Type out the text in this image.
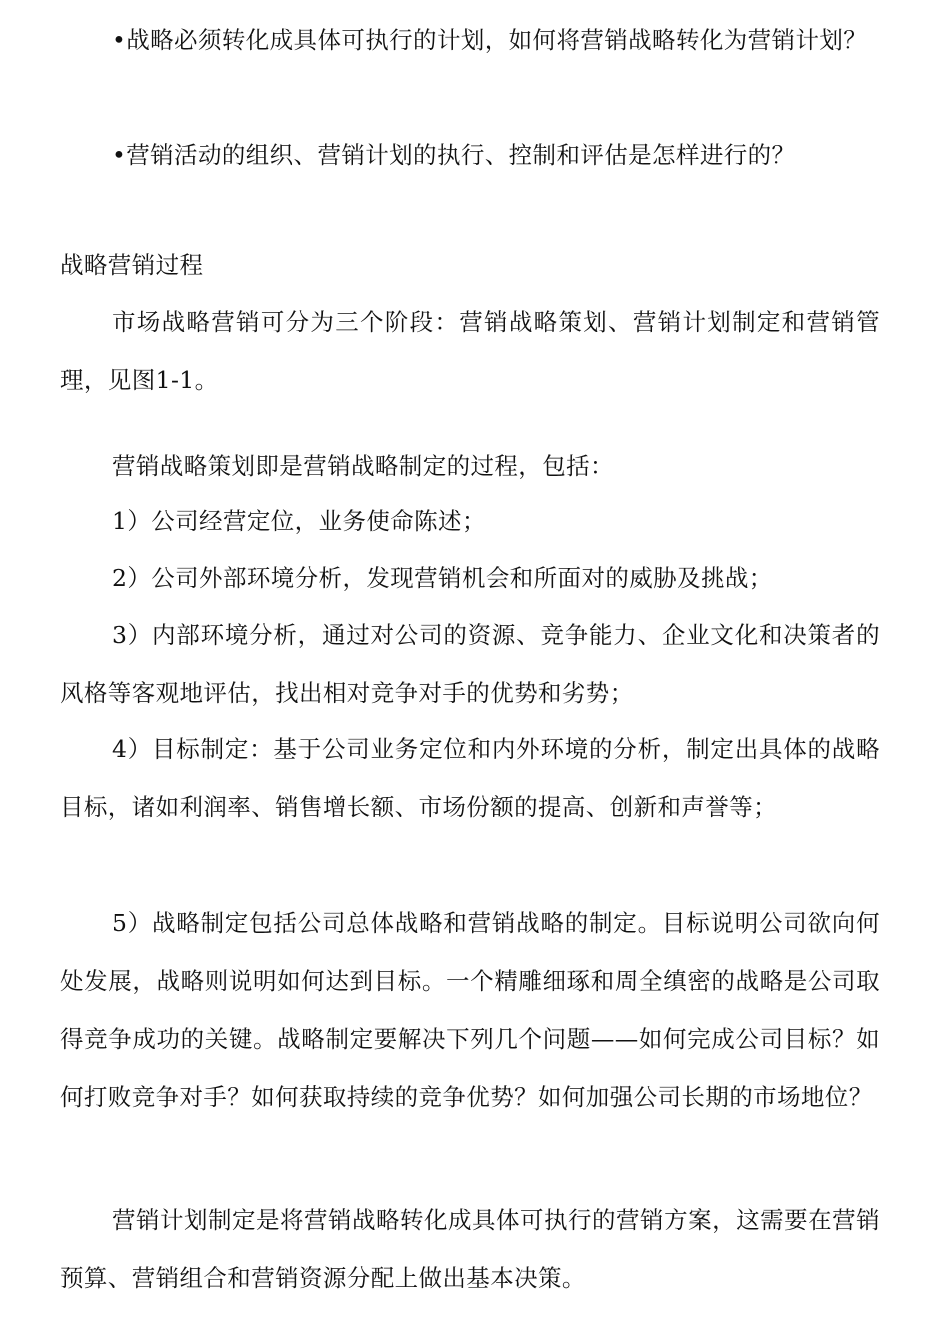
•战略必须转化成具体可执行的计划，如何将营销战略转化为营销计划？

•营销活动的组织、营销计划的执行、控制和评估是怎样进行的？

战略营销过程

市场战略营销可分为三个阶段：营销战略策划、营销计划制定和营销管理，见图1-1。

营销战略策划即是营销战略制定的过程，包括：

1）公司经营定位，业务使命陈述；

2）公司外部环境分析，发现营销机会和所面对的威胁及挑战；

3）内部环境分析，通过对公司的资源、竞争能力、企业文化和决策者的风格等客观地评估，找出相对竞争对手的优势和劣势；

4）目标制定：基于公司业务定位和内外环境的分析，制定出具体的战略目标，诸如利润率、销售增长额、市场份额的提高、创新和声誉等；

5）战略制定包括公司总体战略和营销战略的制定。目标说明公司欲向何处发展，战略则说明如何达到目标。一个精雕细琢和周全缜密的战略是公司取得竞争成功的关键。战略制定要解决下列几个问题——如何完成公司目标？如何打败竞争对手？如何获取持续的竞争优势？如何加强公司长期的市场地位？

营销计划制定是将营销战略转化成具体可执行的营销方案，这需要在营销预算、营销组合和营销资源分配上做出基本决策。
